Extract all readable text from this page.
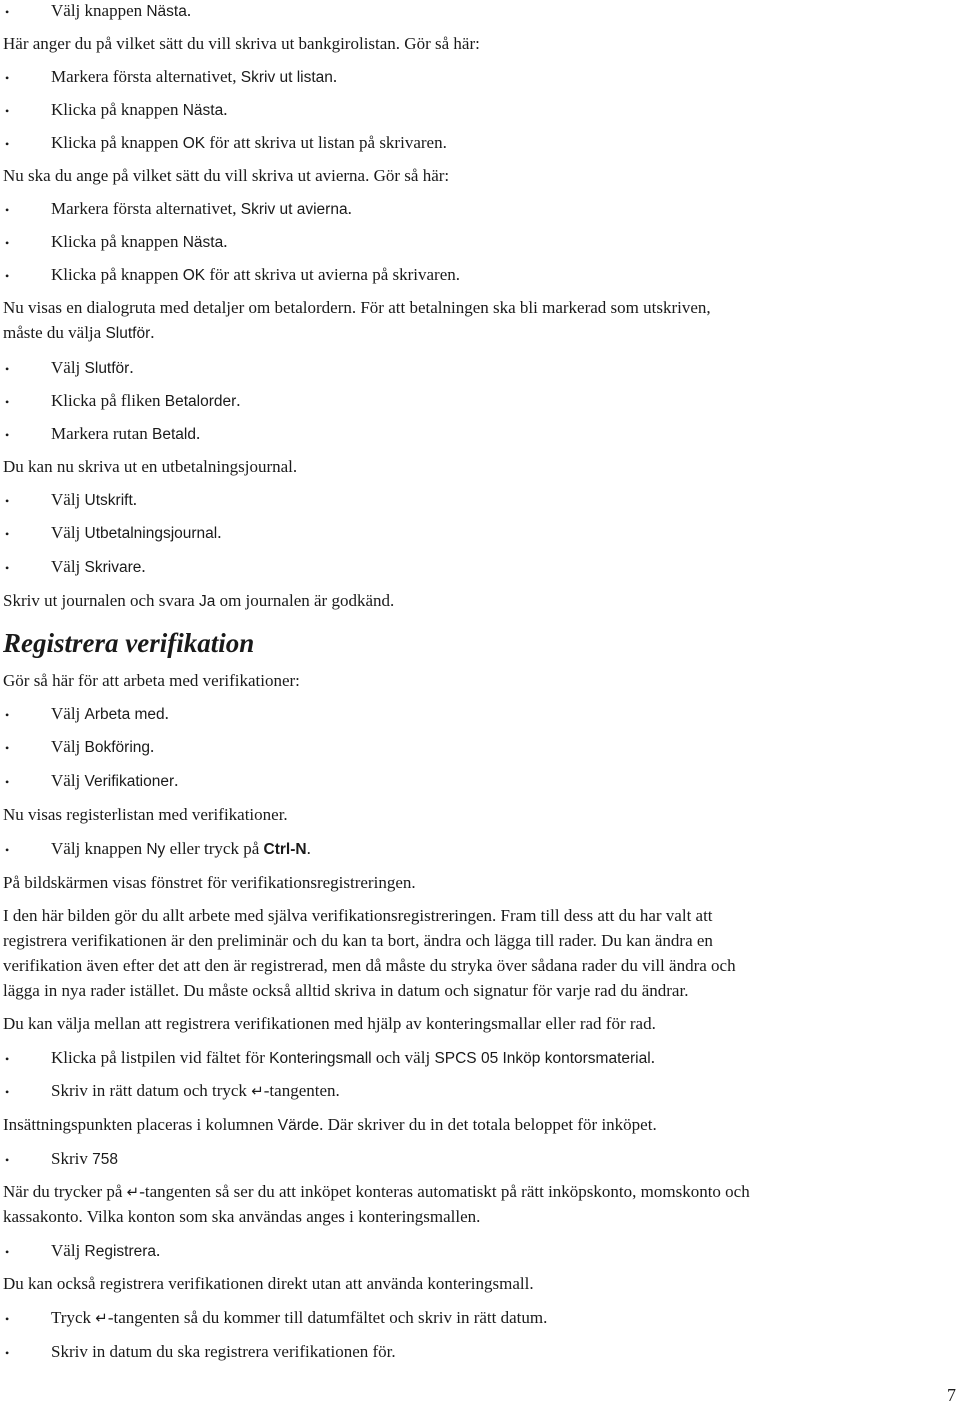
• Välj knappen Nästa.
Här anger du på vilket sätt du vill skriva ut bankgirolistan. Gör så här:
• Markera första alternativet, Skriv ut listan.
• Klicka på knappen Nästa.
• Klicka på knappen OK för att skriva ut listan på skrivaren.
Nu ska du ange på vilket sätt du vill skriva ut avierna. Gör så här:
• Markera första alternativet, Skriv ut avierna.
• Klicka på knappen Nästa.
• Klicka på knappen OK för att skriva ut avierna på skrivaren.
Nu visas en dialogruta med detaljer om betalordern. För att betalningen ska bli markerad som utskriven,
måste du välja Slutför.
• Välj Slutför.
• Klicka på fliken Betalorder.
• Markera rutan Betald.
Du kan nu skriva ut en utbetalningsjournal.
• Välj Utskrift.
• Välj Utbetalningsjournal.
• Välj Skrivare.
Skriv ut journalen och svara Ja om journalen är godkänd.
Registrera verifikation
Gör så här för att arbeta med verifikationer:
• Välj Arbeta med.
• Välj Bokföring.
• Välj Verifikationer.
Nu visas registerlistan med verifikationer.
• Välj knappen Ny eller tryck på Ctrl-N.
På bildskärmen visas fönstret för verifikationsregistreringen.
I den här bilden gör du allt arbete med själva verifikationsregistreringen. Fram till dess att du har valt att
registrera verifikationen är den preliminär och du kan ta bort, ändra och lägga till rader. Du kan ändra en
verifikation även efter det att den är registrerad, men då måste du stryka över sådana rader du vill ändra och
lägga in nya rader istället. Du måste också alltid skriva in datum och signatur för varje rad du ändrar.
Du kan välja mellan att registrera verifikationen med hjälp av konteringsmallar eller rad för rad.
• Klicka på listpilen vid fältet för Konteringsmall och välj SPCS 05 Inköp kontorsmaterial.
• Skriv in rätt datum och tryck ↵-tangenten.
Insättningspunkten placeras i kolumnen Värde. Där skriver du in det totala beloppet för inköpet.
• Skriv 758
När du trycker på ↵-tangenten så ser du att inköpet konteras automatiskt på rätt inköpskonto, momskonto och
kassakonto. Vilka konton som ska användas anges i konteringsmallen.
• Välj Registrera.
Du kan också registrera verifikationen direkt utan att använda konteringsmall.
• Tryck ↵-tangenten så du kommer till datumfältet och skriv in rätt datum.
• Skriv in datum du ska registrera verifikationen för.
7
